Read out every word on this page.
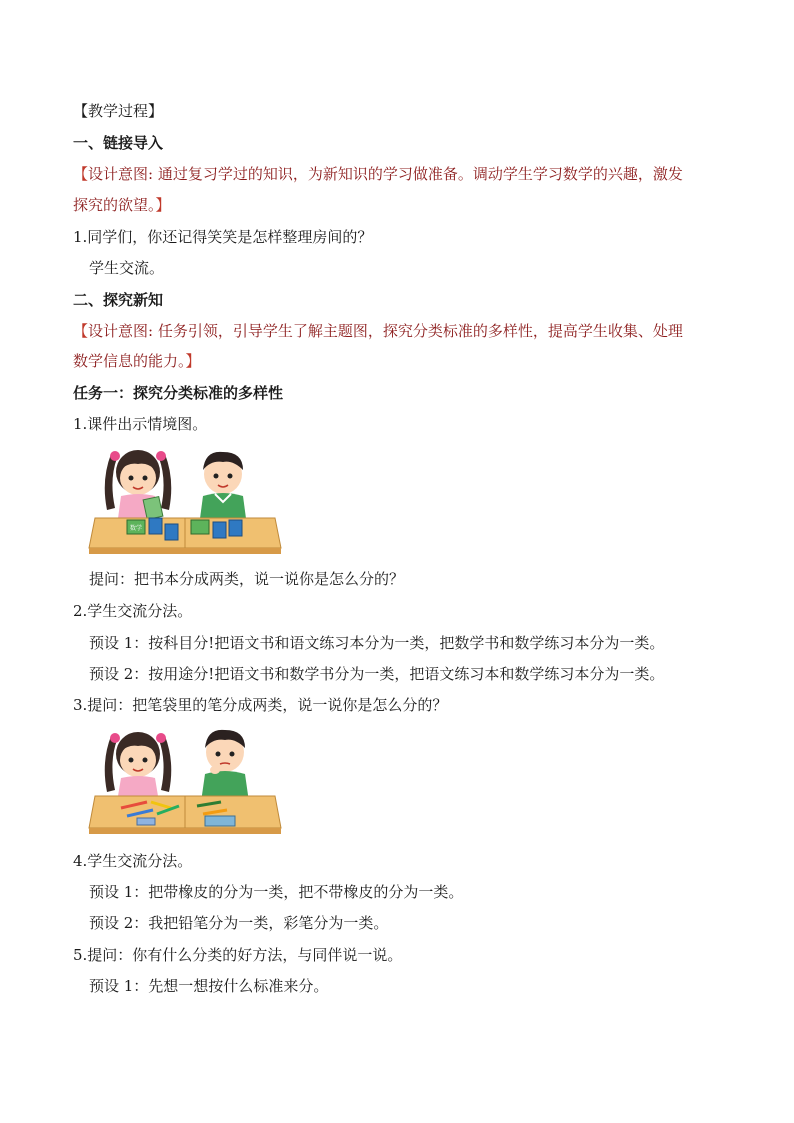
【教学过程】
一、链接导入
【设计意图: 通过复习学过的知识，为新知识的学习做准备。调动学生学习数学的兴趣，激发
探究的欲望。】
1.同学们，你还记得笑笑是怎样整理房间的？
学生交流。
二、探究新知
【设计意图: 任务引领，引导学生了解主题图，探究分类标准的多样性，提高学生收集、处理
数学信息的能力。】
任务一：探究分类标准的多样性
1.课件出示情境图。
数学
提问：把书本分成两类，说一说你是怎么分的？
2.学生交流分法。
预设 1：按科目分!把语文书和语文练习本分为一类，把数学书和数学练习本分为一类。
预设 2：按用途分!把语文书和数学书分为一类，把语文练习本和数学练习本分为一类。
3.提问：把笔袋里的笔分成两类，说一说你是怎么分的？
4.学生交流分法。
预设 1：把带橡皮的分为一类，把不带橡皮的分为一类。
预设 2：我把铅笔分为一类，彩笔分为一类。
5.提问：你有什么分类的好方法，与同伴说一说。
预设 1：先想一想按什么标准来分。
